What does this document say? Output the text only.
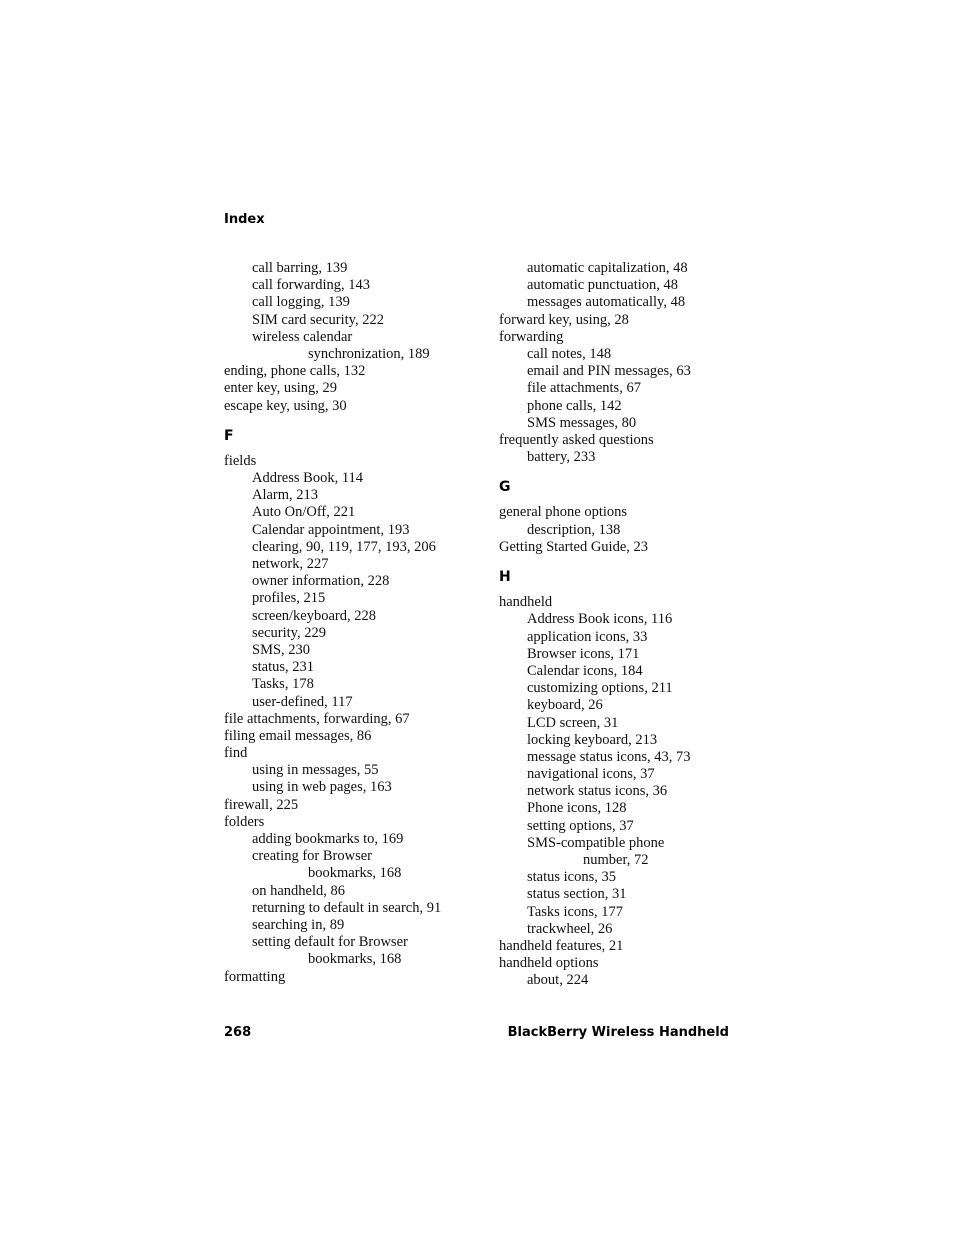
Index
call barring, 139
call forwarding, 143
call logging, 139
SIM card security, 222
wireless calendar
synchronization, 189
ending, phone calls, 132
enter key, using, 29
escape key, using, 30
F
fields
Address Book, 114
Alarm, 213
Auto On/Off, 221
Calendar appointment, 193
clearing, 90, 119, 177, 193, 206
network, 227
owner information, 228
profiles, 215
screen/keyboard, 228
security, 229
SMS, 230
status, 231
Tasks, 178
user-defined, 117
file attachments, forwarding, 67
filing email messages, 86
find
using in messages, 55
using in web pages, 163
firewall, 225
folders
adding bookmarks to, 169
creating for Browser
bookmarks, 168
on handheld, 86
returning to default in search, 91
searching in, 89
setting default for Browser
bookmarks, 168
formatting
automatic capitalization, 48
automatic punctuation, 48
messages automatically, 48
forward key, using, 28
forwarding
call notes, 148
email and PIN messages, 63
file attachments, 67
phone calls, 142
SMS messages, 80
frequently asked questions
battery, 233
G
general phone options
description, 138
Getting Started Guide, 23
H
handheld
Address Book icons, 116
application icons, 33
Browser icons, 171
Calendar icons, 184
customizing options, 211
keyboard, 26
LCD screen, 31
locking keyboard, 213
message status icons, 43, 73
navigational icons, 37
network status icons, 36
Phone icons, 128
setting options, 37
SMS-compatible phone
number, 72
status icons, 35
status section, 31
Tasks icons, 177
trackwheel, 26
handheld features, 21
handheld options
about, 224
268	BlackBerry Wireless Handheld
